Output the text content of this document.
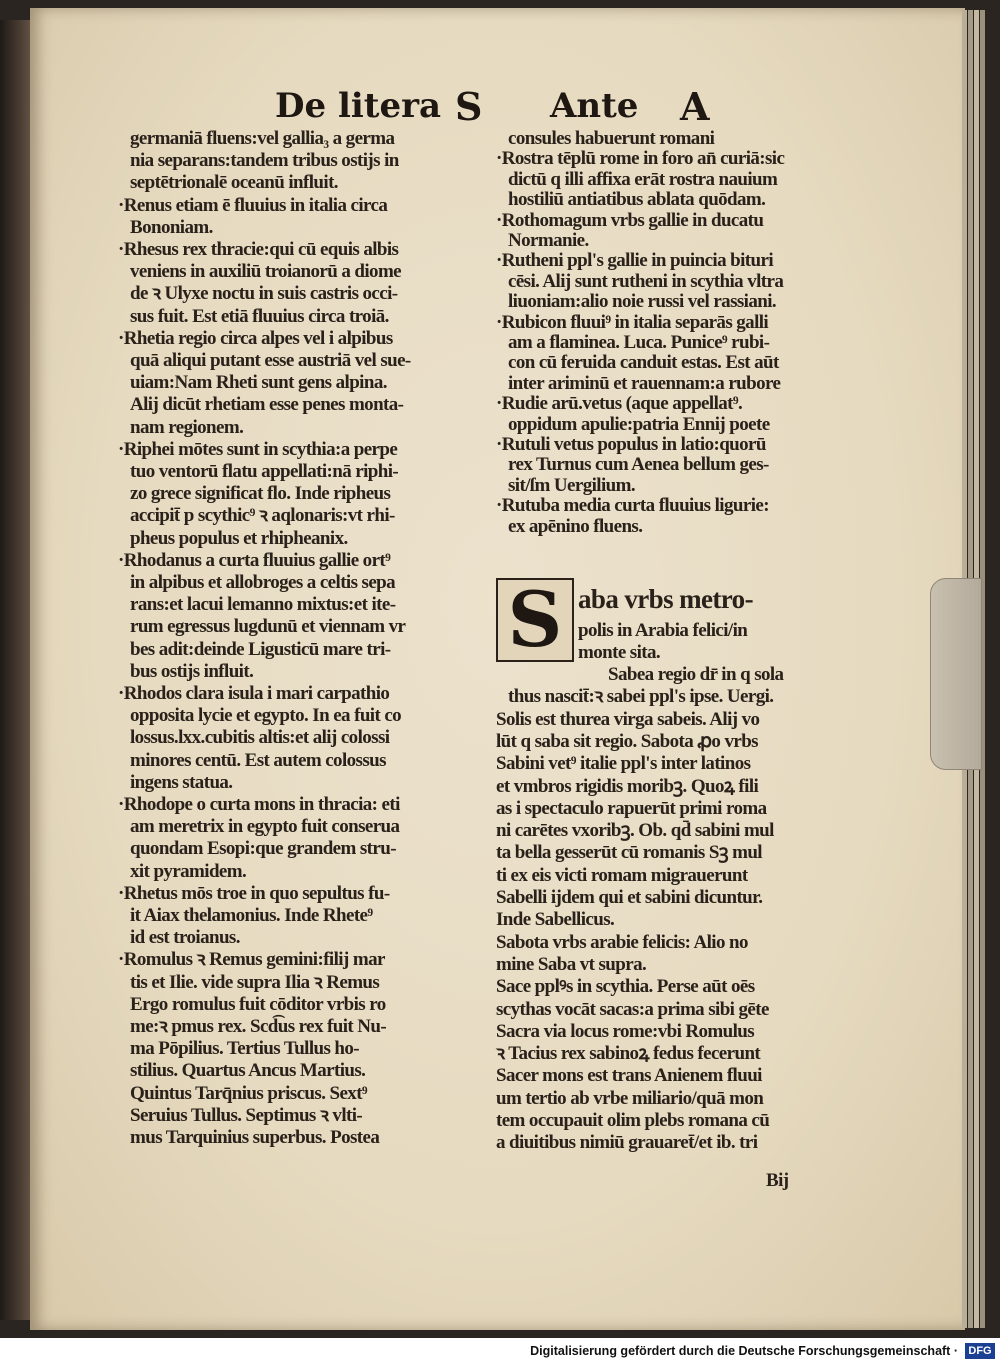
De litera S Ante A
germaniā fluens:vel gallia₃ a germa
nia separans:tandem tribus ostijs in
septētrionalē oceanū influit.
·Renus etiam ē fluuius in italia circa
Bononiam.
·Rhesus rex thracie:qui cū equis albis
veniens in auxiliū troianorū a diome
de ꝛ Ulyxe noctu in suis castris occi-
sus fuit. Est etiā fluuius circa troiā.
·Rhetia regio circa alpes vel i alpibus
quā aliqui putant esse austriā vel sue-
uiam:Nam Rheti sunt gens alpina.
Alij dicūt rhetiam esse penes monta-
nam regionem.
·Riphei mōtes sunt in scythia:a perpe
tuo ventorū flatu appellati:nā riphi-
zo grece significat flo. Inde ripheus
accipit̄ p scythic⁹ ꝛ aqlonaris:vt rhi-
pheus populus et rhipheanix.
·Rhodanus a curta fluuius gallie ort⁹
in alpibus et allobroges a celtis sepa
rans:et lacui lemanno mixtus:et ite-
rum egressus lugdunū et viennam vr
bes adit:deinde Ligusticū mare tri-
bus ostijs influit.
·Rhodos clara isula i mari carpathio
opposita lycie et egypto. In ea fuit co
lossus.lxx.cubitis altis:et alij colossi
minores centū. Est autem colossus
ingens statua.
·Rhodope o curta mons in thracia: eti
am meretrix in egypto fuit conserua
quondam Esopi:que grandem stru-
xit pyramidem.
·Rhetus mōs troe in quo sepultus fu-
it Aiax thelamonius. Inde Rhete⁹
id est troianus.
·Romulus ꝛ Remus gemini:filij mar
tis et Ilie. vide supra Ilia ꝛ Remus
Ergo romulus fuit cōditor vrbis ro
me:ꝛ pmus rex. Scd͡us rex fuit Nu-
ma Pōpilius. Tertius Tullus ho-
stilius. Quartus Ancus Martius.
Quintus Tarq̄nius priscus. Sext⁹
Seruius Tullus. Septimus ꝛ vlti-
mus Tarquinius superbus. Postea
consules habuerunt romani
·Rostra tēplū rome in foro an̄ curiā:sic
dictū q illi affixa erāt rostra nauium
hostiliū antiatibus ablata quōdam.
·Rothomagum vrbs gallie in ducatu
Normanie.
·Rutheni ppl's gallie in puincia bituri
cēsi. Alij sunt rutheni in scythia vltra
liuoniam:alio noie russi vel rassiani.
·Rubicon fluui⁹ in italia separās galli
am a flaminea. Luca. Punice⁹ rubi-
con cū feruida canduit estas. Est aūt
inter ariminū et rauennam:a rubore
·Rudie arū.vetus (aque appellat⁹.
oppidum apulie:patria Ennij poete
·Rutuli vetus populus in latio:quorū
rex Turnus cum Aenea bellum ges-
sit/ſm Uergilium.
·Rutuba media curta fluuius ligurie:
ex apēnino fluens.
aba vrbs metro-
polis in Arabia felici/in
monte sita.
Sabea regio dr̄ in q sola
thus nascit̄:ꝛ sabei ppl's ipse. Uergi.
Solis est thurea virga sabeis. Alij vo
lūt q saba sit regio. Sabota ꝓo vrbs
Sabini vet⁹ italie ppl's inter latinos
et vmbros rigidis moribꝫ. Quoꝝ fili
as i spectaculo rapuerūt primi roma
ni carētes vxoribꝫ. Ob. qd̄ sabini mul
ta bella gesserūt cū romanis Sꝫ mul
ti ex eis victi romam migrauerunt
Sabelli ijdem qui et sabini dicuntur.
Inde Sabellicus.
Sabota vrbs arabie felicis: Alio no
mine Saba vt supra.
Sace pplꝰs in scythia. Perse aūt oēs
scythas vocāt sacas:a prima sibi gēte
Sacra via locus rome:vbi Romulus
ꝛ Tacius rex sabinoꝝ fedus fecerunt
Sacer mons est trans Anienem fluui
um tertio ab vrbe miliario/quā mon
tem occupauit olim plebs romana cū
a diuitibus nimiū grauaret̄/et ib. tri
Bij
S
Digitalisierung gefördert durch die Deutsche Forschungsgemeinschaft · DFG
